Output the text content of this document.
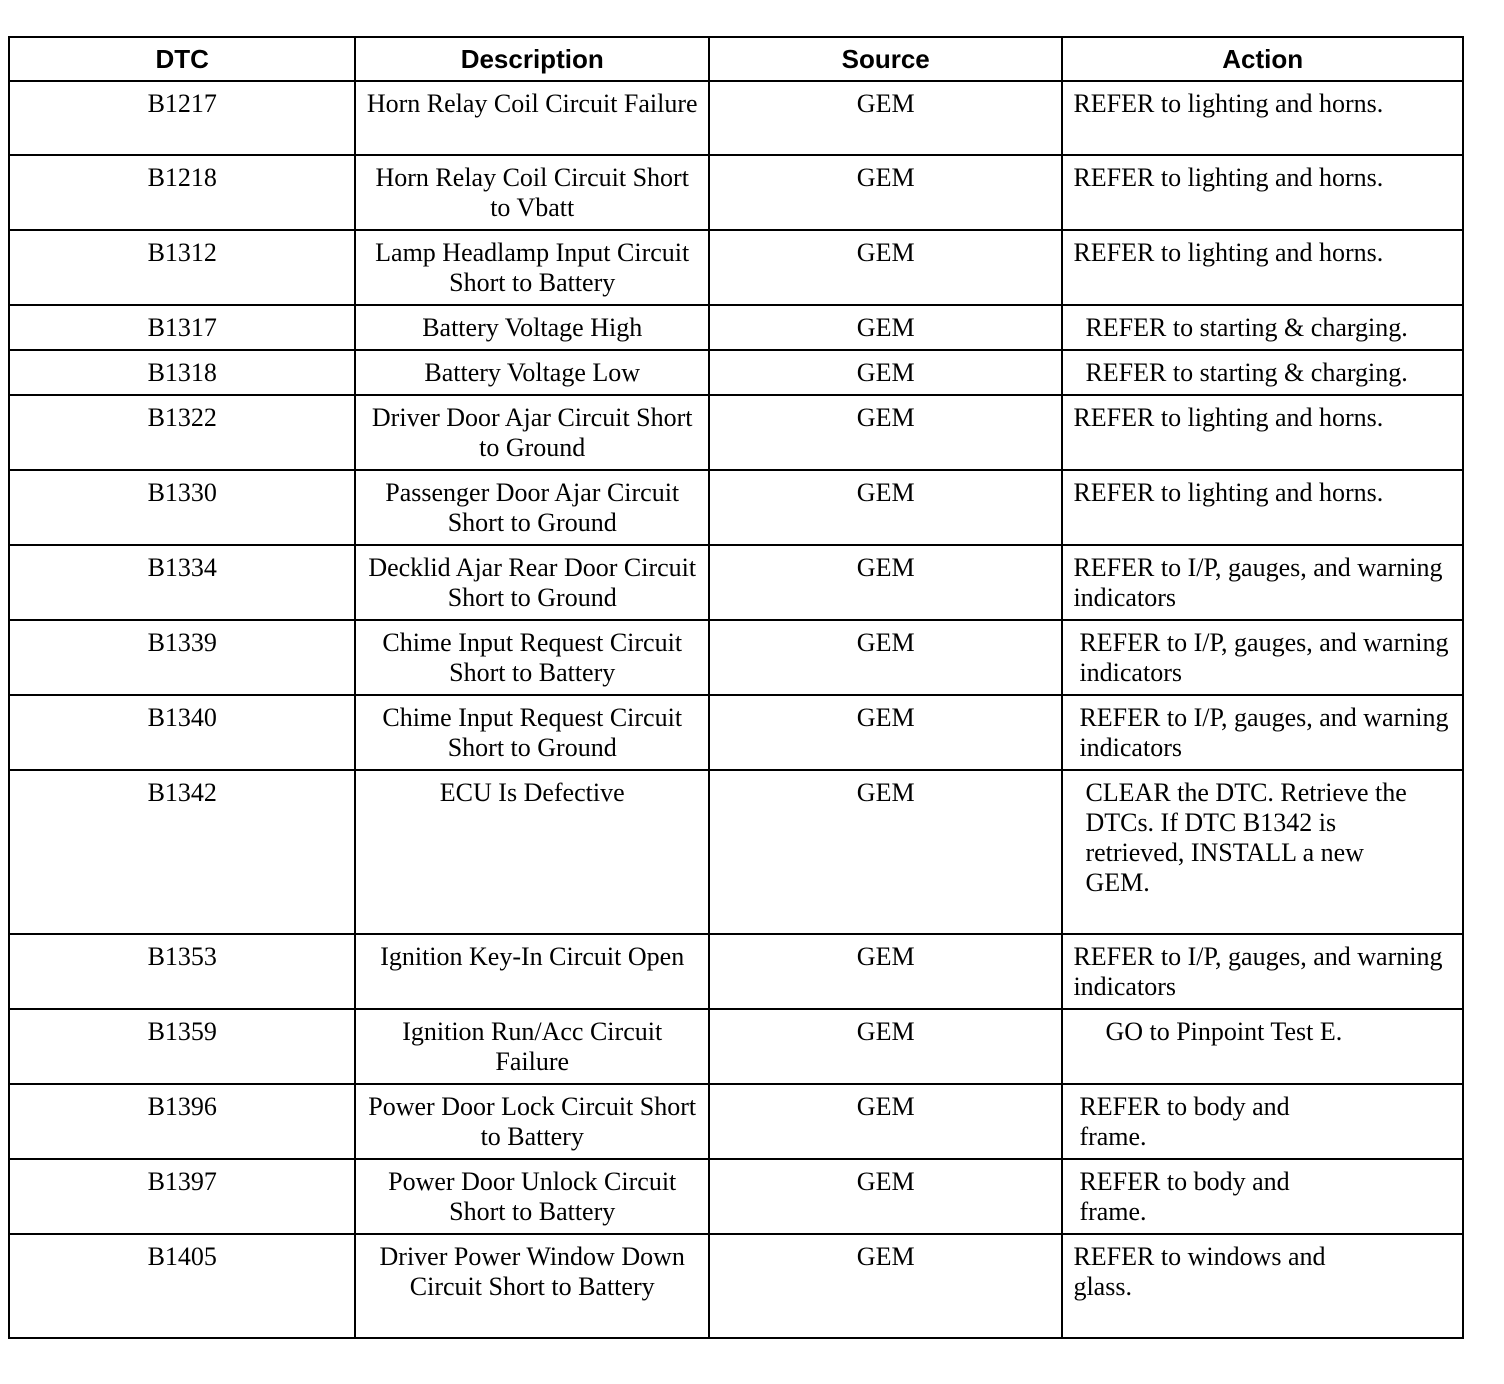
DTC	Description	Source	Action
B1217	Horn Relay Coil Circuit Failure	GEM	REFER to lighting and horns.
B1218	Horn Relay Coil Circuit Short to Vbatt	GEM	REFER to lighting and horns.
B1312	Lamp Headlamp Input Circuit Short to Battery	GEM	REFER to lighting and horns.
B1317	Battery Voltage High	GEM	REFER to starting & charging.
B1318	Battery Voltage Low	GEM	REFER to starting & charging.
B1322	Driver Door Ajar Circuit Short to Ground	GEM	REFER to lighting and horns.
B1330	Passenger Door Ajar Circuit Short to Ground	GEM	REFER to lighting and horns.
B1334	Decklid Ajar Rear Door Circuit Short to Ground	GEM	REFER to I/P, gauges, and warning indicators
B1339	Chime Input Request Circuit Short to Battery	GEM	REFER to I/P, gauges, and warning indicators
B1340	Chime Input Request Circuit Short to Ground	GEM	REFER to I/P, gauges, and warning indicators
B1342	ECU Is Defective	GEM	CLEAR the DTC. Retrieve the DTCs. If DTC B1342 is retrieved, INSTALL a new GEM.
B1353	Ignition Key-In Circuit Open	GEM	REFER to I/P, gauges, and warning indicators
B1359	Ignition Run/Acc Circuit Failure	GEM	GO to Pinpoint Test E.
B1396	Power Door Lock Circuit Short to Battery	GEM	REFER to body and frame.
B1397	Power Door Unlock Circuit Short to Battery	GEM	REFER to body and frame.
B1405	Driver Power Window Down Circuit Short to Battery	GEM	REFER to windows and glass.
